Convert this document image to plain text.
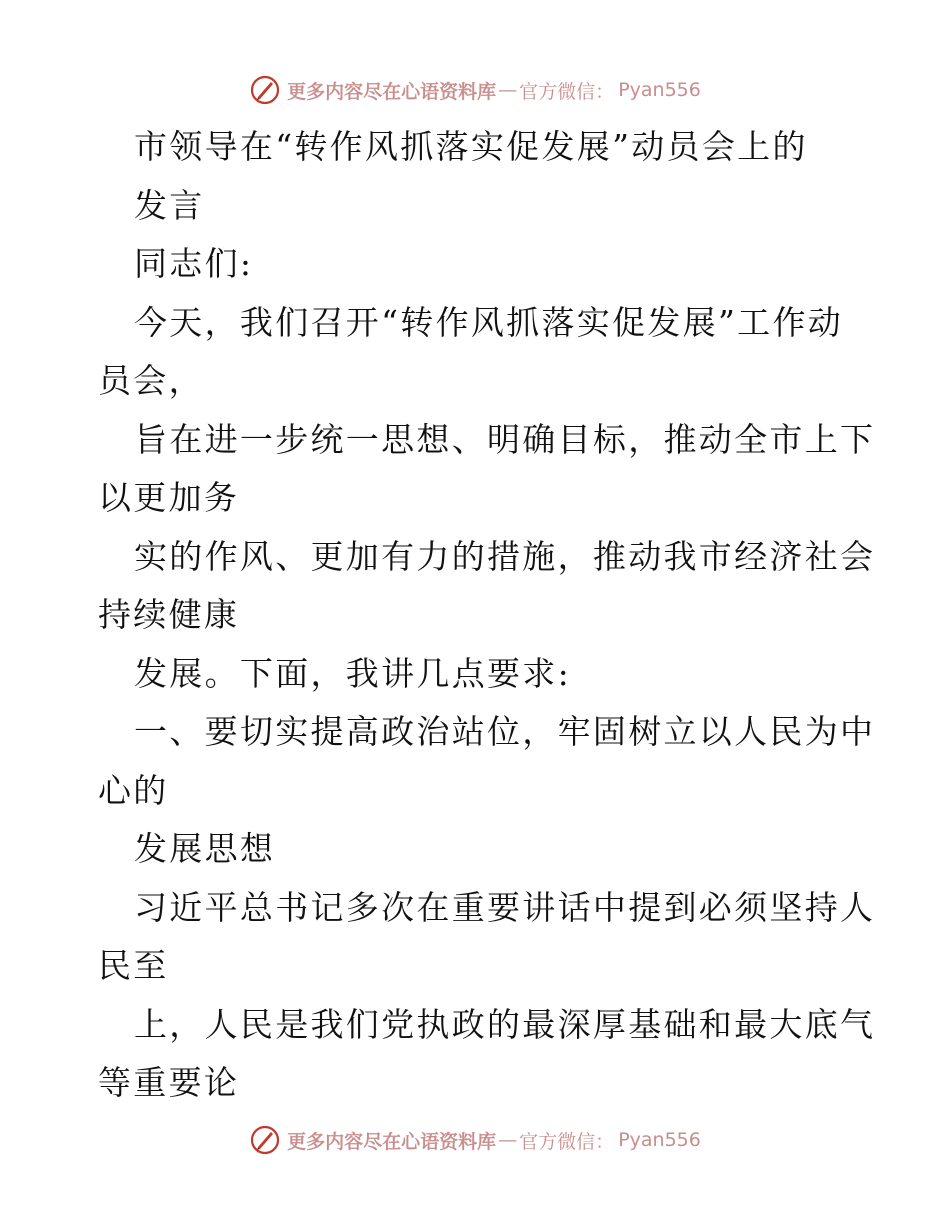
更多内容尽在心语资料库 — 官方微信： Pyan556

市领导在“转作风抓落实促发展”动员会上的

发言

同志们:

今天，我们召开“转作风抓落实促发展”工作动

员会，

旨在进一步统一思想、明确目标，推动全市上下

以更加务

实的作风、更加有力的措施，推动我市经济社会

持续健康

发展。下面，我讲几点要求:

一、要切实提高政治站位，牢固树立以人民为中

心的

发展思想

习近平总书记多次在重要讲话中提到必须坚持人

民至

上，人民是我们党执政的最深厚基础和最大底气

等重要论

更多内容尽在心语资料库 — 官方微信： Pyan556
